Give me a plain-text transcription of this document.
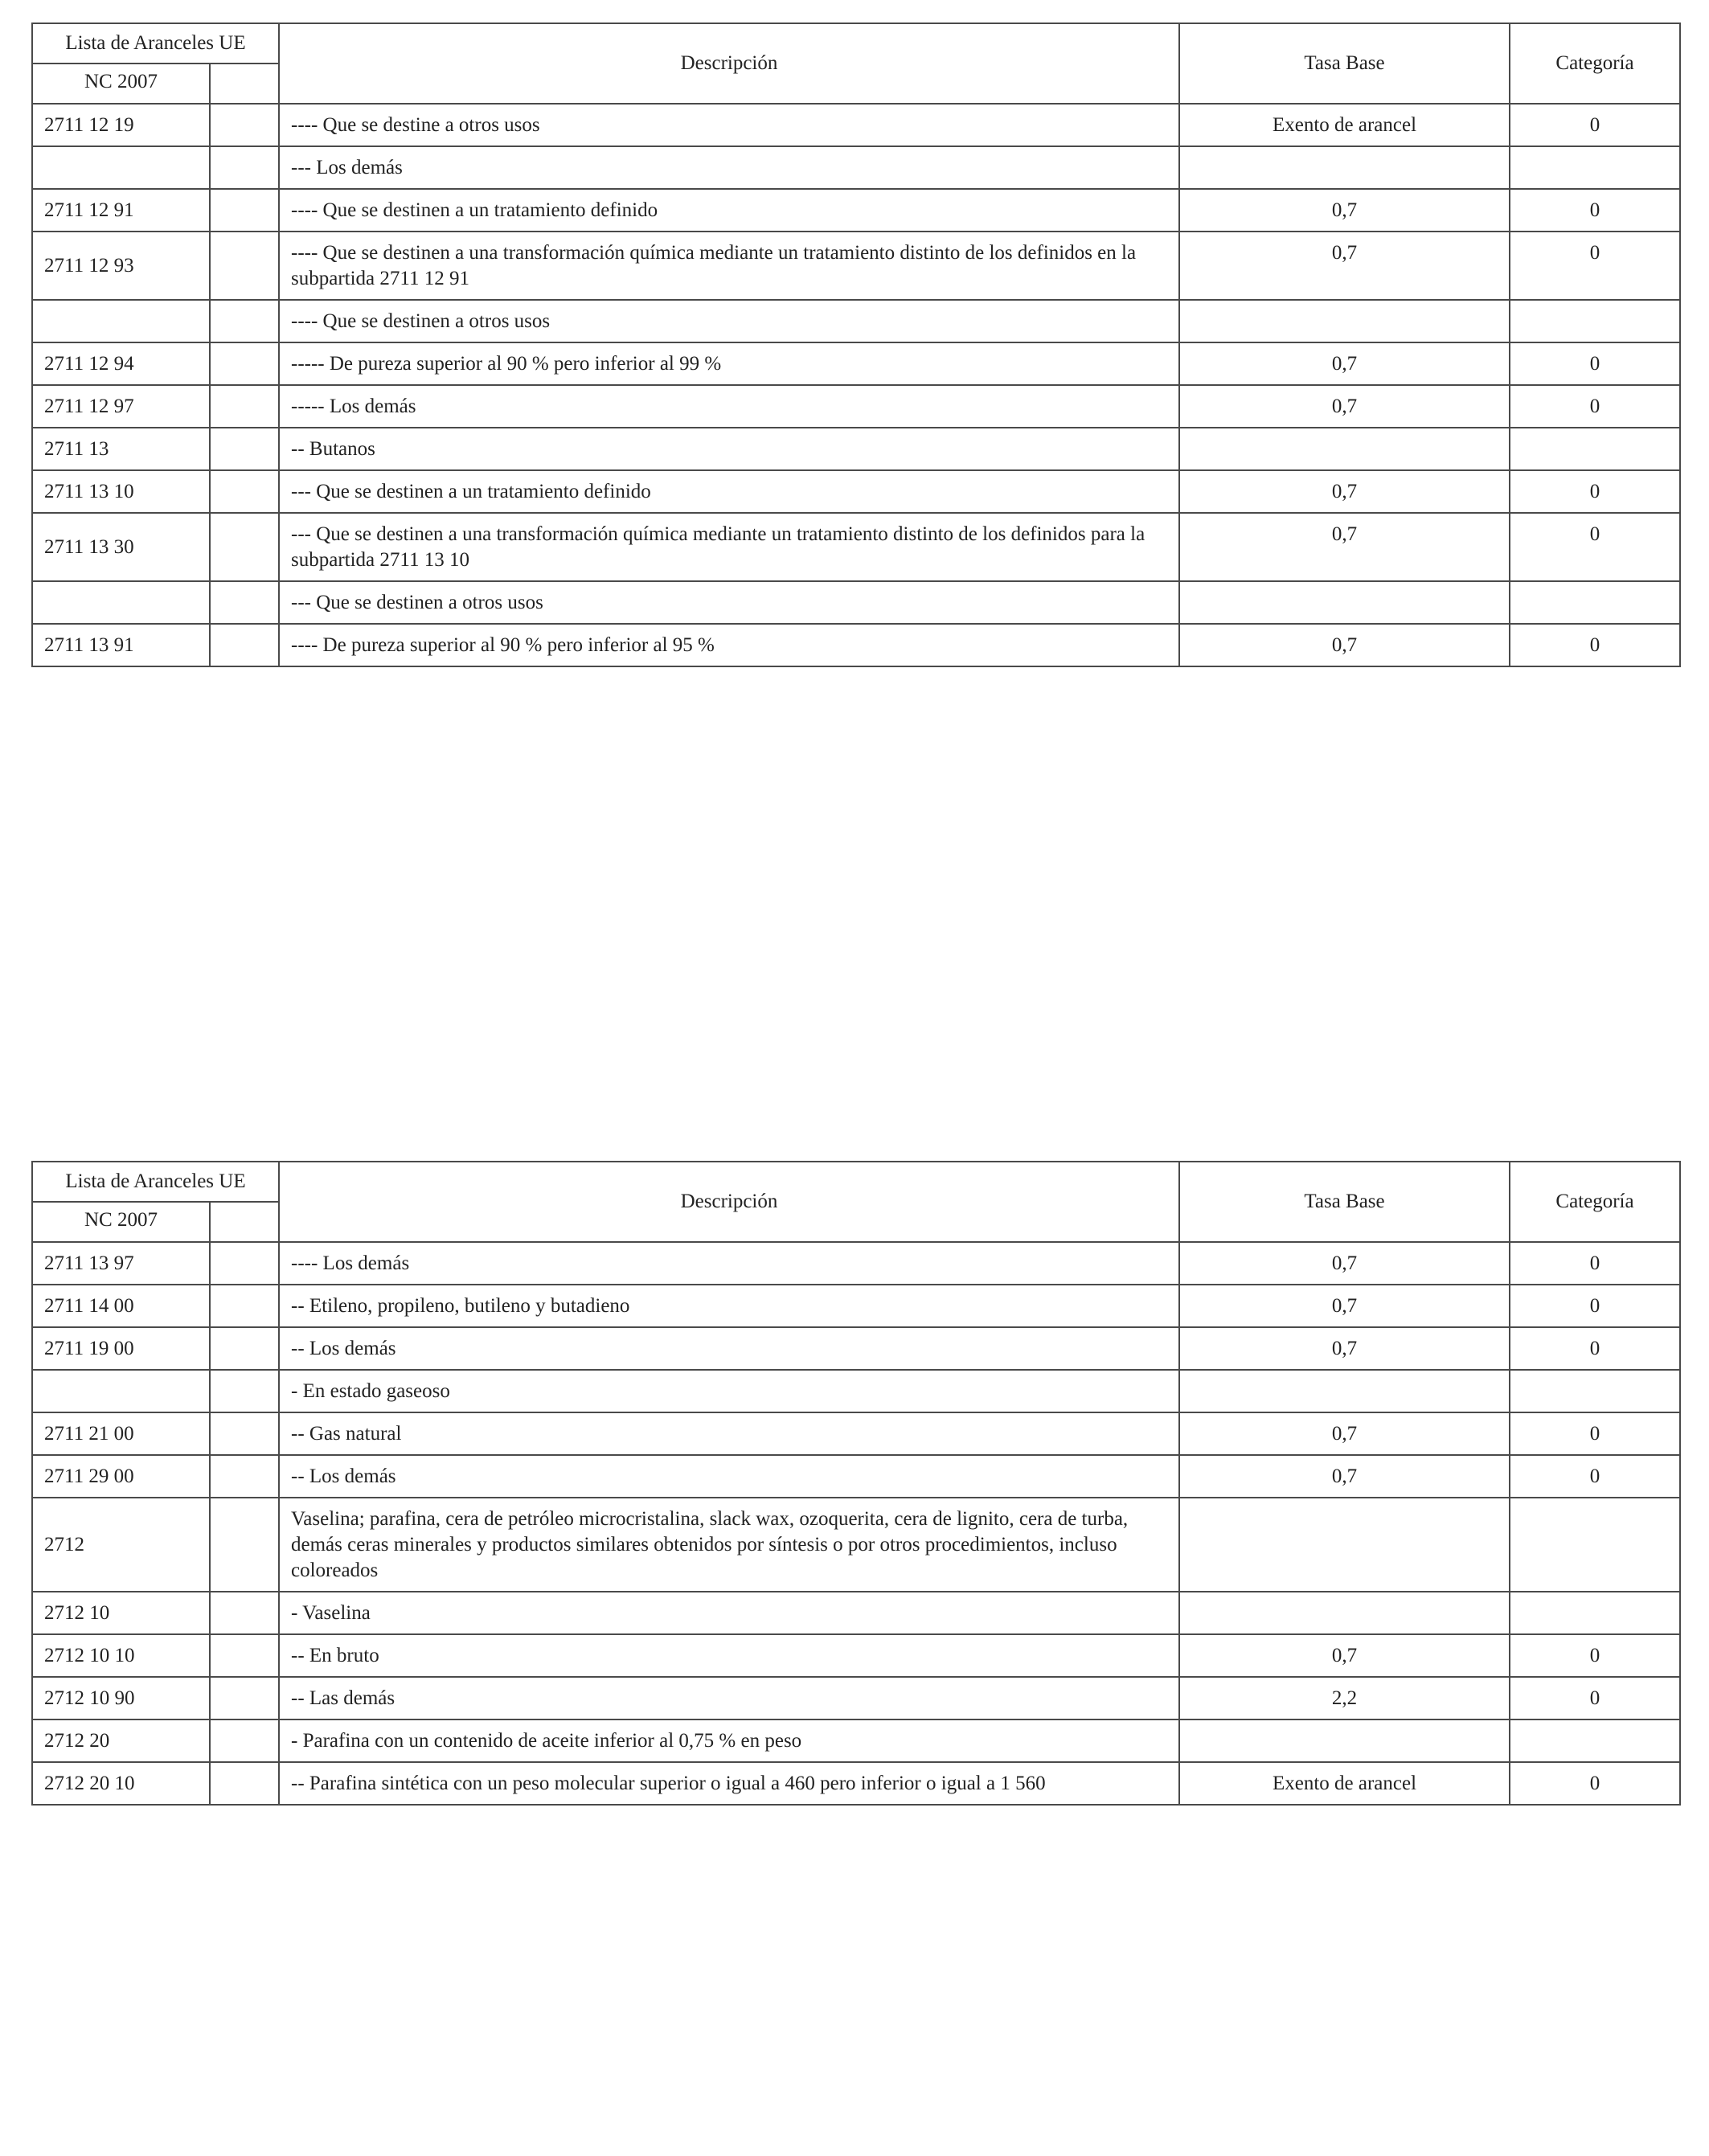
Lista de Aranceles UE		Descripción	Tasa Base	Categoría
NC 2007				
2711 12 19		---- Que se destine a otros usos	Exento de arancel	0
		--- Los demás		
2711 12 91		---- Que se destinen a un tratamiento definido	0,7	0
2711 12 93		---- Que se destinen a una transformación química mediante un tratamiento distinto de los definidos en la subpartida 2711 12 91	0,7	0
		---- Que se destinen a otros usos		
2711 12 94		----- De pureza superior al 90 % pero inferior al 99 %	0,7	0
2711 12 97		----- Los demás	0,7	0
2711 13		-- Butanos		
2711 13 10		--- Que se destinen a un tratamiento definido	0,7	0
2711 13 30		--- Que se destinen a una transformación química mediante un tratamiento distinto de los definidos para la subpartida 2711 13 10	0,7	0
		--- Que se destinen a otros usos		
2711 13 91		---- De pureza superior al 90 % pero inferior al 95 %	0,7	0
Lista de Aranceles UE		Descripción	Tasa Base	Categoría
NC 2007				
2711 13 97		---- Los demás	0,7	0
2711 14 00		-- Etileno, propileno, butileno y butadieno	0,7	0
2711 19 00		-- Los demás	0,7	0
		- En estado gaseoso		
2711 21 00		-- Gas natural	0,7	0
2711 29 00		-- Los demás	0,7	0
2712		Vaselina; parafina, cera de petróleo microcristalina, slack wax, ozoquerita, cera de lignito, cera de turba, demás ceras minerales y productos similares obtenidos por síntesis o por otros procedimientos, incluso coloreados		
2712 10		- Vaselina		
2712 10 10		-- En bruto	0,7	0
2712 10 90		-- Las demás	2,2	0
2712 20		- Parafina con un contenido de aceite inferior al 0,75 % en peso		
2712 20 10		-- Parafina sintética con un peso molecular superior o igual a 460 pero inferior o igual a 1 560	Exento de arancel	0
